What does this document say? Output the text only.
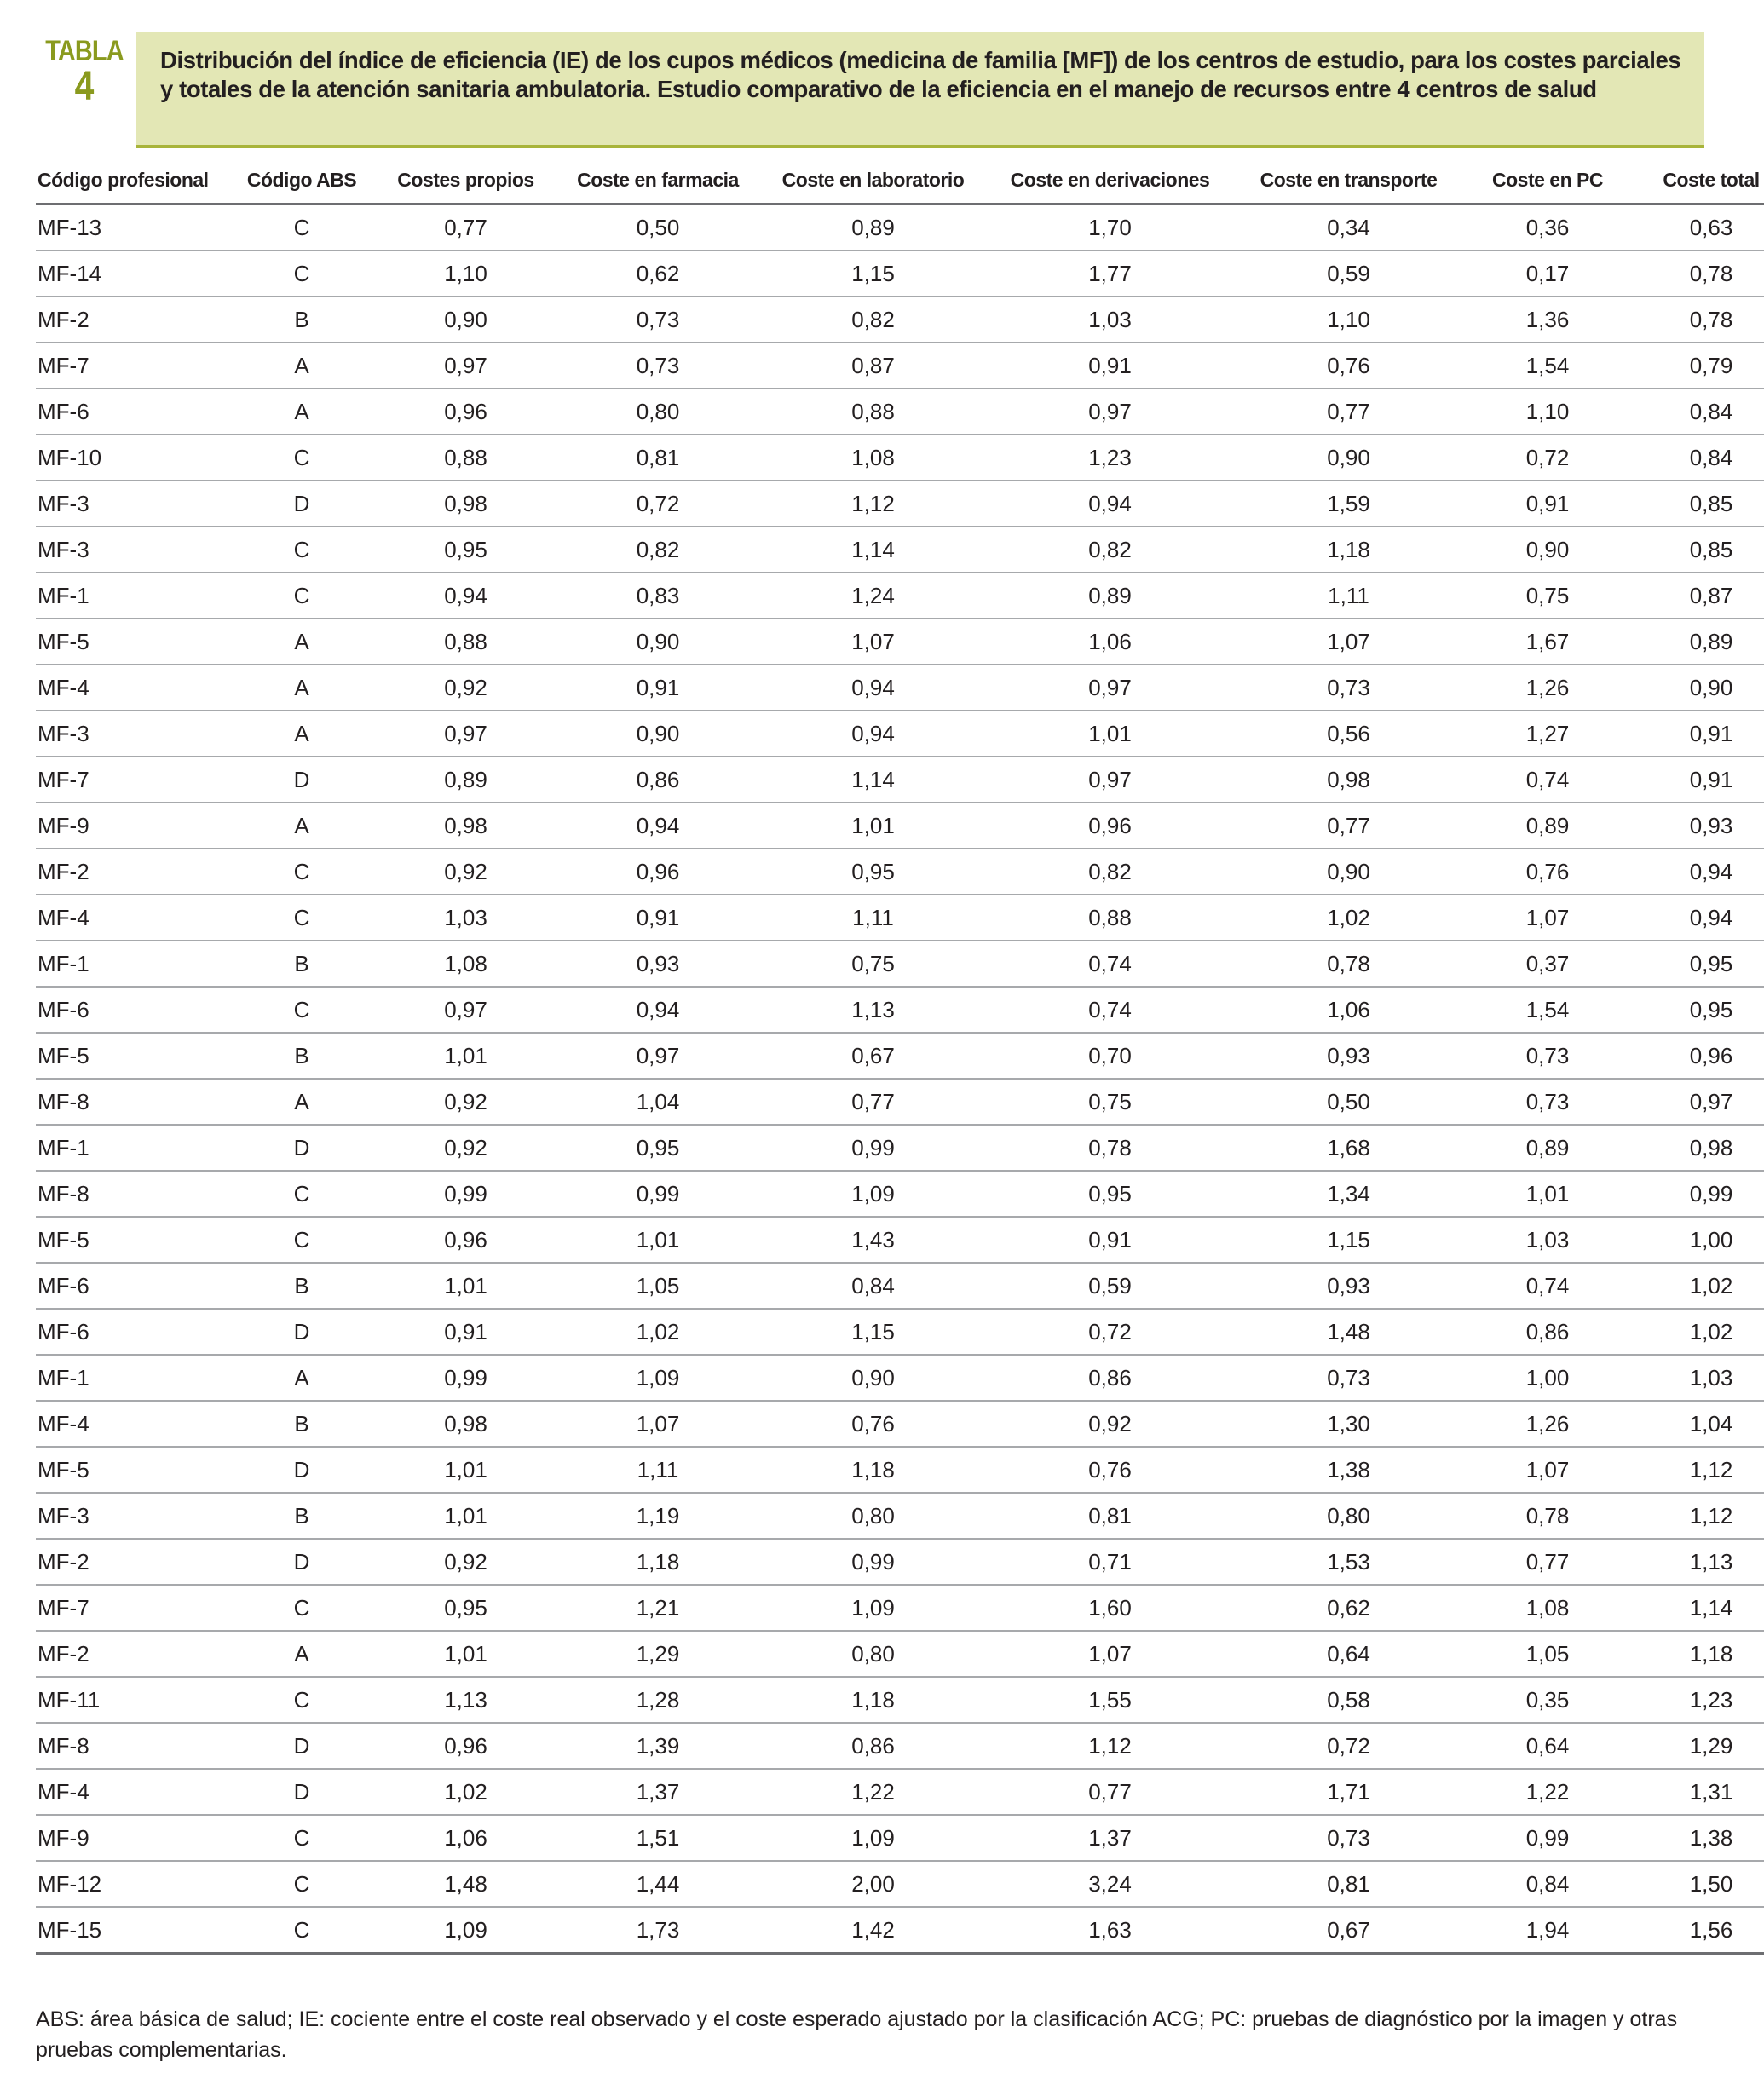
TABLA
4
Distribución del índice de eficiencia (IE) de los cupos médicos (medicina de familia [MF]) de los centros de estudio, para los costes parciales y totales de la atención sanitaria ambulatoria. Estudio comparativo de la eficiencia en el manejo de recursos entre 4 centros de salud
Código profesional	Código ABS	Costes propios	Coste en farmacia	Coste en laboratorio	Coste en derivaciones	Coste en transporte	Coste en PC	Coste total
MF-13	C	0,77	0,50	0,89	1,70	0,34	0,36	0,63
MF-14	C	1,10	0,62	1,15	1,77	0,59	0,17	0,78
MF-2	B	0,90	0,73	0,82	1,03	1,10	1,36	0,78
MF-7	A	0,97	0,73	0,87	0,91	0,76	1,54	0,79
MF-6	A	0,96	0,80	0,88	0,97	0,77	1,10	0,84
MF-10	C	0,88	0,81	1,08	1,23	0,90	0,72	0,84
MF-3	D	0,98	0,72	1,12	0,94	1,59	0,91	0,85
MF-3	C	0,95	0,82	1,14	0,82	1,18	0,90	0,85
MF-1	C	0,94	0,83	1,24	0,89	1,11	0,75	0,87
MF-5	A	0,88	0,90	1,07	1,06	1,07	1,67	0,89
MF-4	A	0,92	0,91	0,94	0,97	0,73	1,26	0,90
MF-3	A	0,97	0,90	0,94	1,01	0,56	1,27	0,91
MF-7	D	0,89	0,86	1,14	0,97	0,98	0,74	0,91
MF-9	A	0,98	0,94	1,01	0,96	0,77	0,89	0,93
MF-2	C	0,92	0,96	0,95	0,82	0,90	0,76	0,94
MF-4	C	1,03	0,91	1,11	0,88	1,02	1,07	0,94
MF-1	B	1,08	0,93	0,75	0,74	0,78	0,37	0,95
MF-6	C	0,97	0,94	1,13	0,74	1,06	1,54	0,95
MF-5	B	1,01	0,97	0,67	0,70	0,93	0,73	0,96
MF-8	A	0,92	1,04	0,77	0,75	0,50	0,73	0,97
MF-1	D	0,92	0,95	0,99	0,78	1,68	0,89	0,98
MF-8	C	0,99	0,99	1,09	0,95	1,34	1,01	0,99
MF-5	C	0,96	1,01	1,43	0,91	1,15	1,03	1,00
MF-6	B	1,01	1,05	0,84	0,59	0,93	0,74	1,02
MF-6	D	0,91	1,02	1,15	0,72	1,48	0,86	1,02
MF-1	A	0,99	1,09	0,90	0,86	0,73	1,00	1,03
MF-4	B	0,98	1,07	0,76	0,92	1,30	1,26	1,04
MF-5	D	1,01	1,11	1,18	0,76	1,38	1,07	1,12
MF-3	B	1,01	1,19	0,80	0,81	0,80	0,78	1,12
MF-2	D	0,92	1,18	0,99	0,71	1,53	0,77	1,13
MF-7	C	0,95	1,21	1,09	1,60	0,62	1,08	1,14
MF-2	A	1,01	1,29	0,80	1,07	0,64	1,05	1,18
MF-11	C	1,13	1,28	1,18	1,55	0,58	0,35	1,23
MF-8	D	0,96	1,39	0,86	1,12	0,72	0,64	1,29
MF-4	D	1,02	1,37	1,22	0,77	1,71	1,22	1,31
MF-9	C	1,06	1,51	1,09	1,37	0,73	0,99	1,38
MF-12	C	1,48	1,44	2,00	3,24	0,81	0,84	1,50
MF-15	C	1,09	1,73	1,42	1,63	0,67	1,94	1,56
ABS: área básica de salud; IE: cociente entre el coste real observado y el coste esperado ajustado por la clasificación ACG; PC: pruebas de diagnóstico por la imagen y otras pruebas complementarias.
